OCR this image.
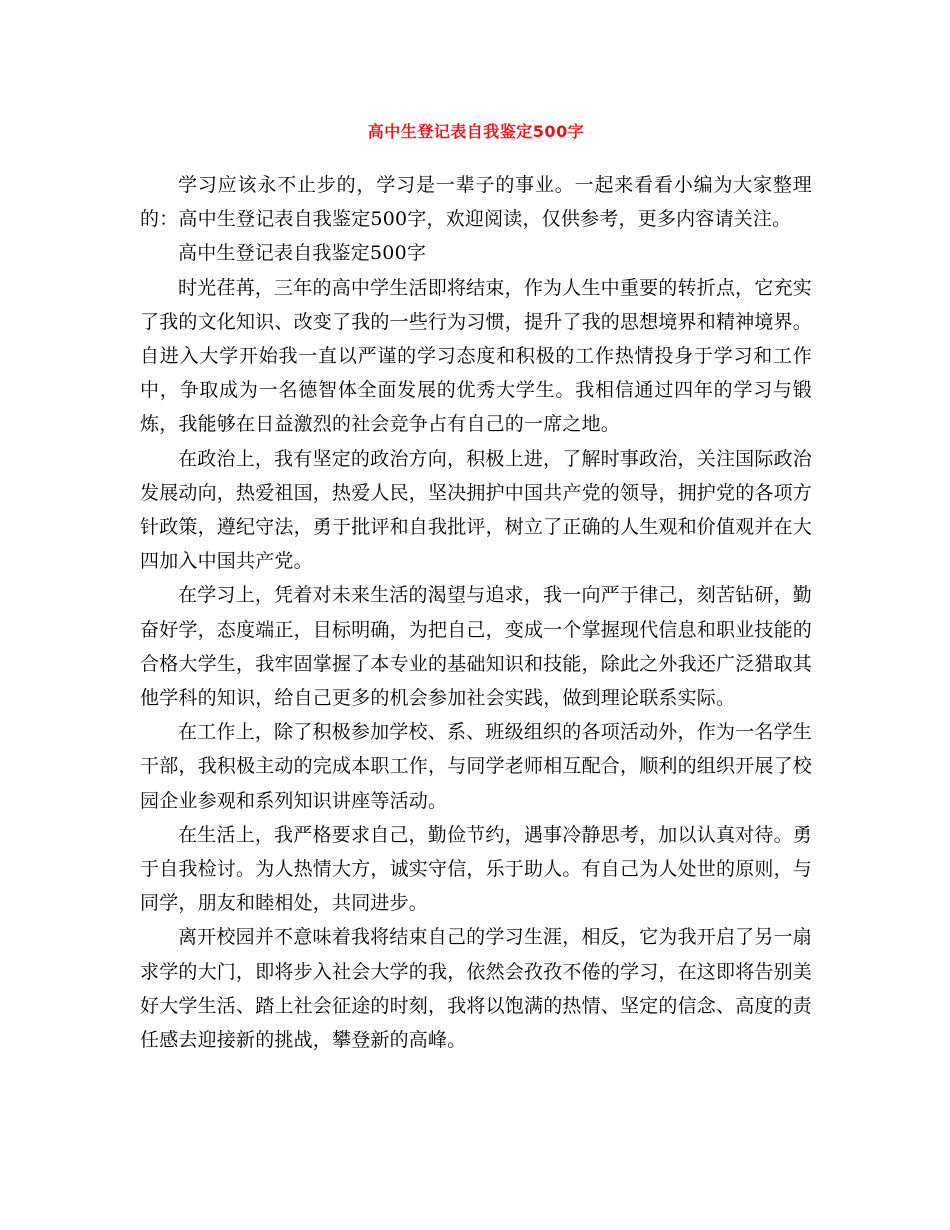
高中生登记表自我鉴定500字

学习应该永不止步的，学习是一辈子的事业。一起来看看小编为大家整理的：高中生登记表自我鉴定500字，欢迎阅读，仅供参考，更多内容请关注。

高中生登记表自我鉴定500字

时光荏苒，三年的高中学生活即将结束，作为人生中重要的转折点，它充实了我的文化知识、改变了我的一些行为习惯，提升了我的思想境界和精神境界。自进入大学开始我一直以严谨的学习态度和积极的工作热情投身于学习和工作中，争取成为一名德智体全面发展的优秀大学生。我相信通过四年的学习与锻炼，我能够在日益激烈的社会竞争占有自己的一席之地。

在政治上，我有坚定的政治方向，积极上进，了解时事政治，关注国际政治发展动向，热爱祖国，热爱人民，坚决拥护中国共产党的领导，拥护党的各项方针政策，遵纪守法，勇于批评和自我批评，树立了正确的人生观和价值观并在大四加入中国共产党。

在学习上，凭着对未来生活的渴望与追求，我一向严于律己，刻苦钻研，勤奋好学，态度端正，目标明确，为把自己，变成一个掌握现代信息和职业技能的合格大学生，我牢固掌握了本专业的基础知识和技能，除此之外我还广泛猎取其他学科的知识，给自己更多的机会参加社会实践，做到理论联系实际。

在工作上，除了积极参加学校、系、班级组织的各项活动外，作为一名学生干部，我积极主动的完成本职工作，与同学老师相互配合，顺利的组织开展了校园企业参观和系列知识讲座等活动。

在生活上，我严格要求自己，勤俭节约，遇事冷静思考，加以认真对待。勇于自我检讨。为人热情大方，诚实守信，乐于助人。有自己为人处世的原则，与同学，朋友和睦相处，共同进步。

离开校园并不意味着我将结束自己的学习生涯，相反，它为我开启了另一扇求学的大门，即将步入社会大学的我，依然会孜孜不倦的学习，在这即将告别美好大学生活、踏上社会征途的时刻，我将以饱满的热情、坚定的信念、高度的责任感去迎接新的挑战，攀登新的高峰。
